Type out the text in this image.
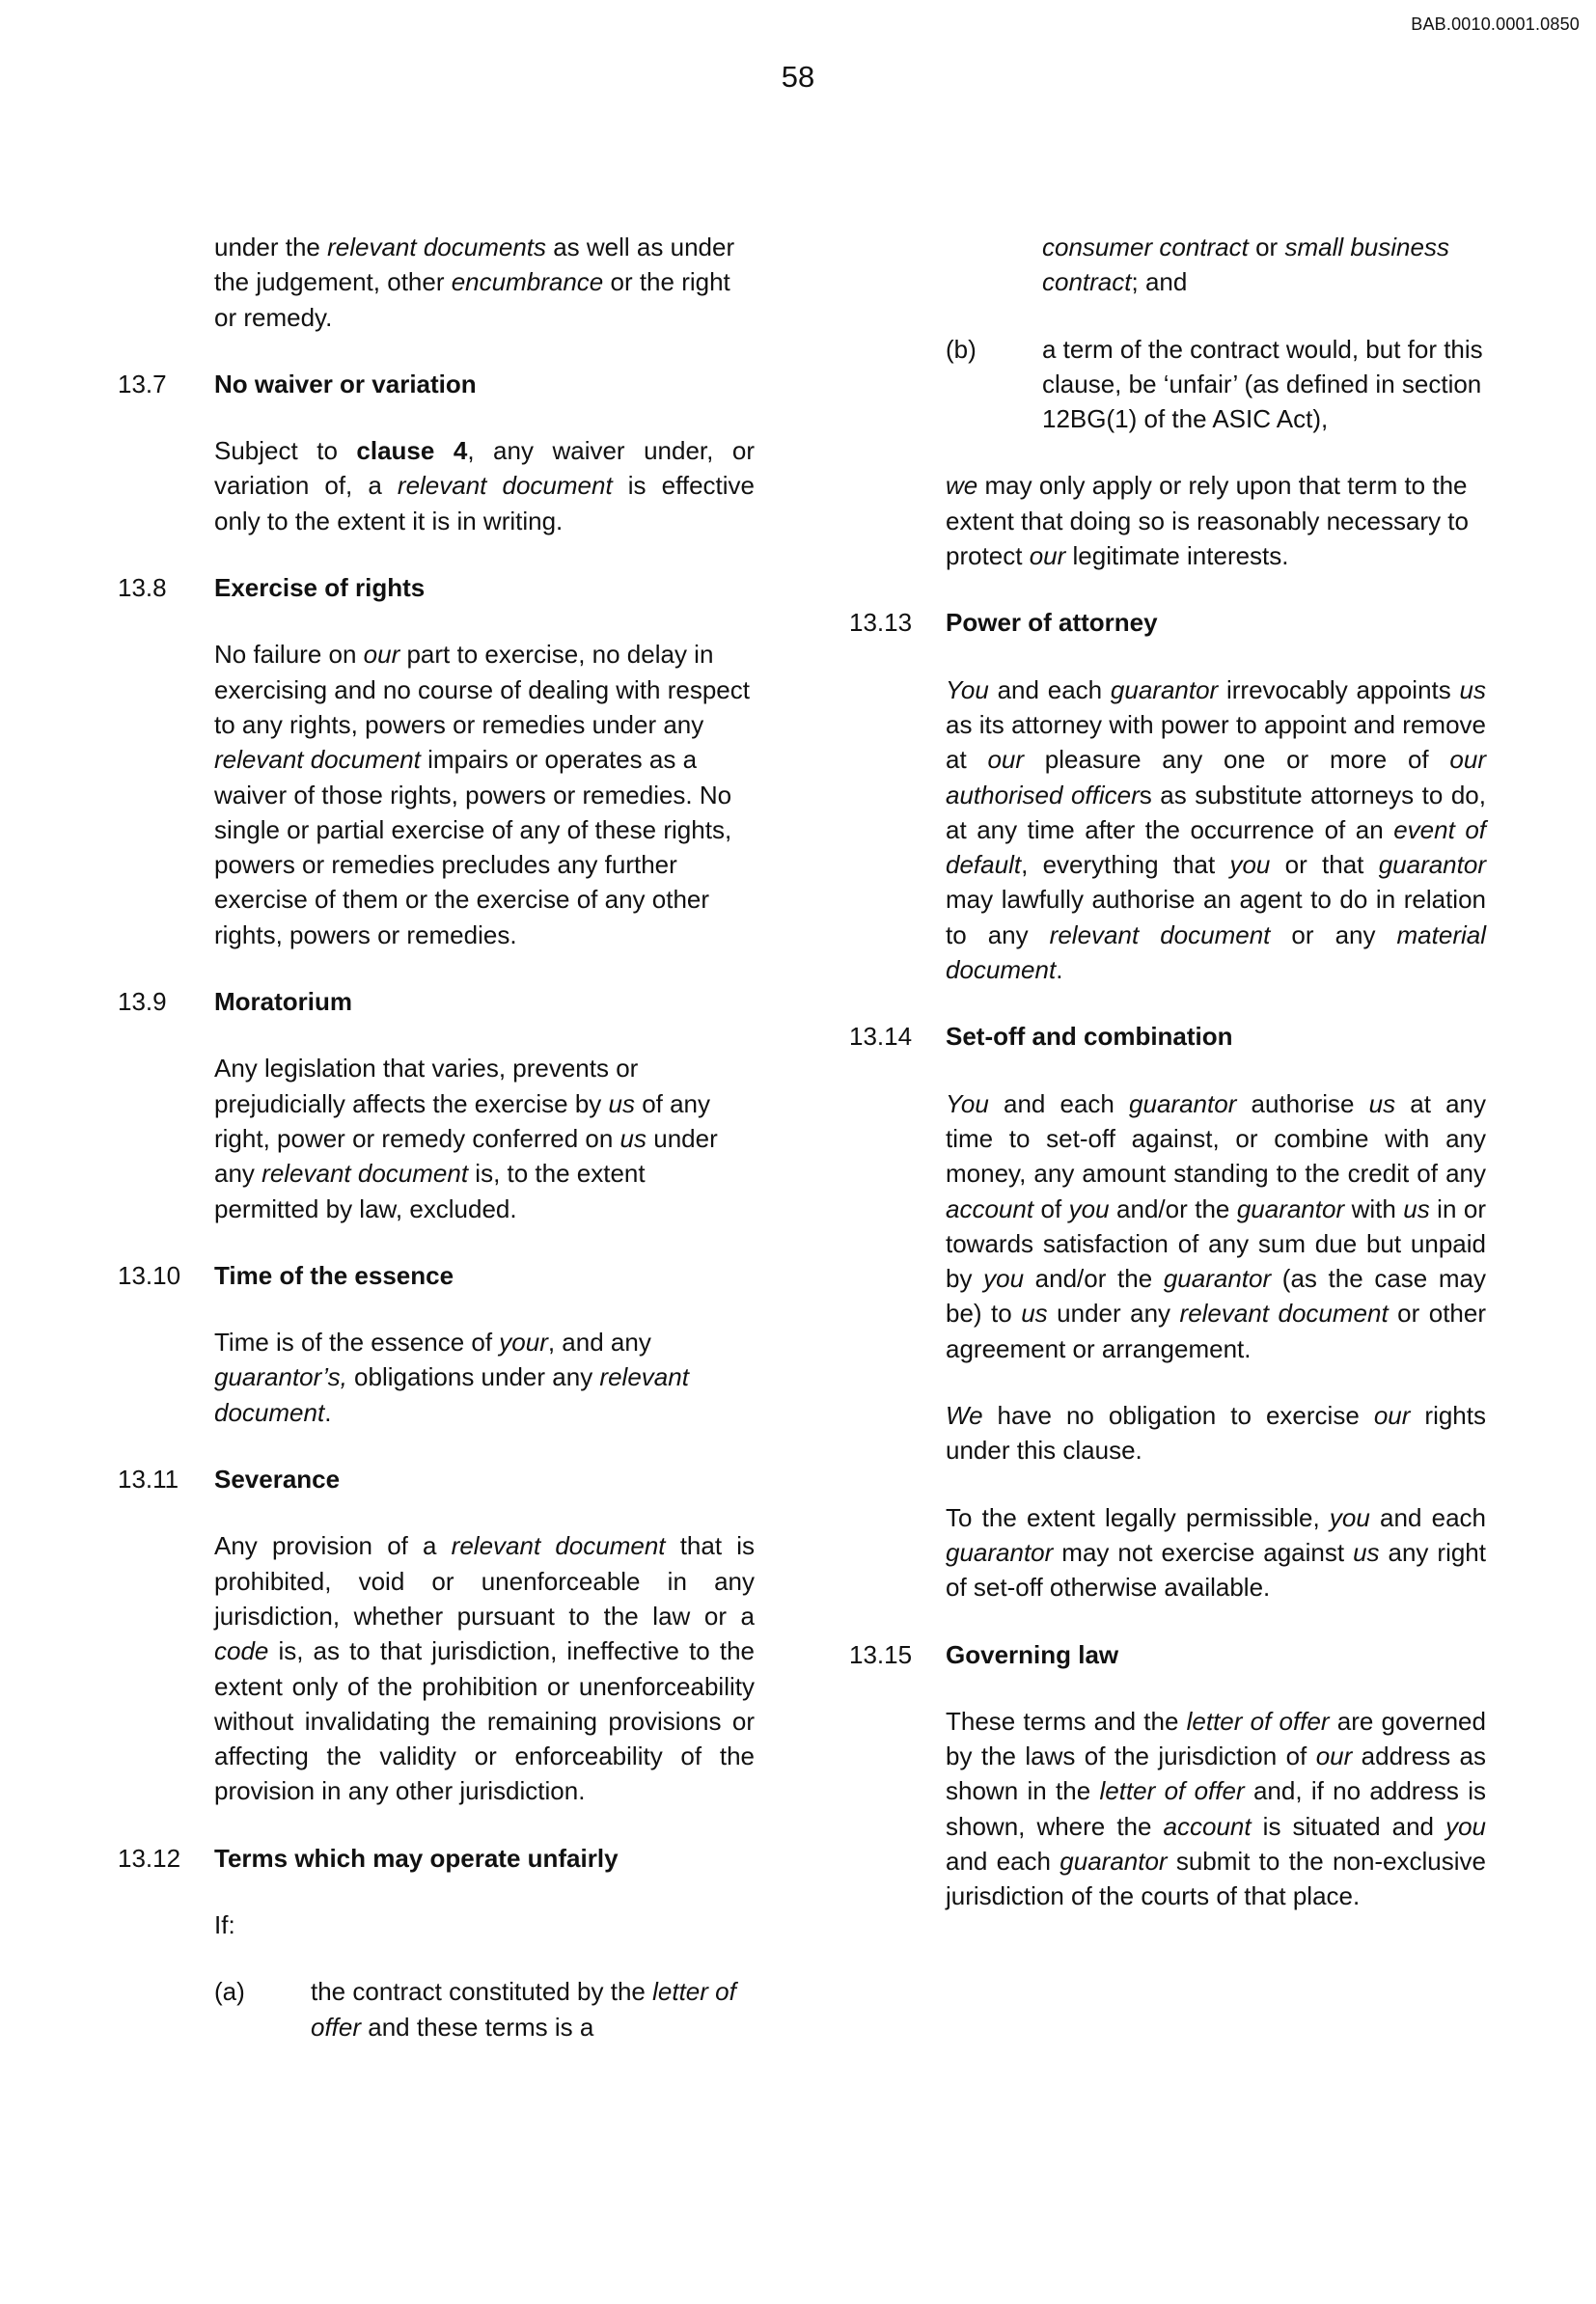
BAB.0010.0001.0850
58

under the relevant documents as well as under the judgement, other encumbrance or the right or remedy.

13.7 No waiver or variation

Subject to clause 4, any waiver under, or variation of, a relevant document is effective only to the extent it is in writing.

13.8 Exercise of rights

No failure on our part to exercise, no delay in exercising and no course of dealing with respect to any rights, powers or remedies under any relevant document impairs or operates as a waiver of those rights, powers or remedies. No single or partial exercise of any of these rights, powers or remedies precludes any further exercise of them or the exercise of any other rights, powers or remedies.

13.9 Moratorium

Any legislation that varies, prevents or prejudicially affects the exercise by us of any right, power or remedy conferred on us under any relevant document is, to the extent permitted by law, excluded.

13.10 Time of the essence

Time is of the essence of your, and any guarantor’s, obligations under any relevant document.

13.11 Severance

Any provision of a relevant document that is prohibited, void or unenforceable in any jurisdiction, whether pursuant to the law or a code is, as to that jurisdiction, ineffective to the extent only of the prohibition or unenforceability without invalidating the remaining provisions or affecting the validity or enforceability of the provision in any other jurisdiction.

13.12 Terms which may operate unfairly

If:

(a)	the contract constituted by the letter of offer and these terms is a

consumer contract or small business contract; and

(b)	a term of the contract would, but for this clause, be ‘unfair’ (as defined in section 12BG(1) of the ASIC Act),

we may only apply or rely upon that term to the extent that doing so is reasonably necessary to protect our legitimate interests.

13.13 Power of attorney

You and each guarantor irrevocably appoints us as its attorney with power to appoint and remove at our pleasure any one or more of our authorised officers as substitute attorneys to do, at any time after the occurrence of an event of default, everything that you or that guarantor may lawfully authorise an agent to do in relation to any relevant document or any material document.

13.14 Set-off and combination

You and each guarantor authorise us at any time to set-off against, or combine with any money, any amount standing to the credit of any account of you and/or the guarantor with us in or towards satisfaction of any sum due but unpaid by you and/or the guarantor (as the case may be) to us under any relevant document or other agreement or arrangement.

We have no obligation to exercise our rights under this clause.

To the extent legally permissible, you and each guarantor may not exercise against us any right of set-off otherwise available.

13.15 Governing law

These terms and the letter of offer are governed by the laws of the jurisdiction of our address as shown in the letter of offer and, if no address is shown, where the account is situated and you and each guarantor submit to the non-exclusive jurisdiction of the courts of that place.
